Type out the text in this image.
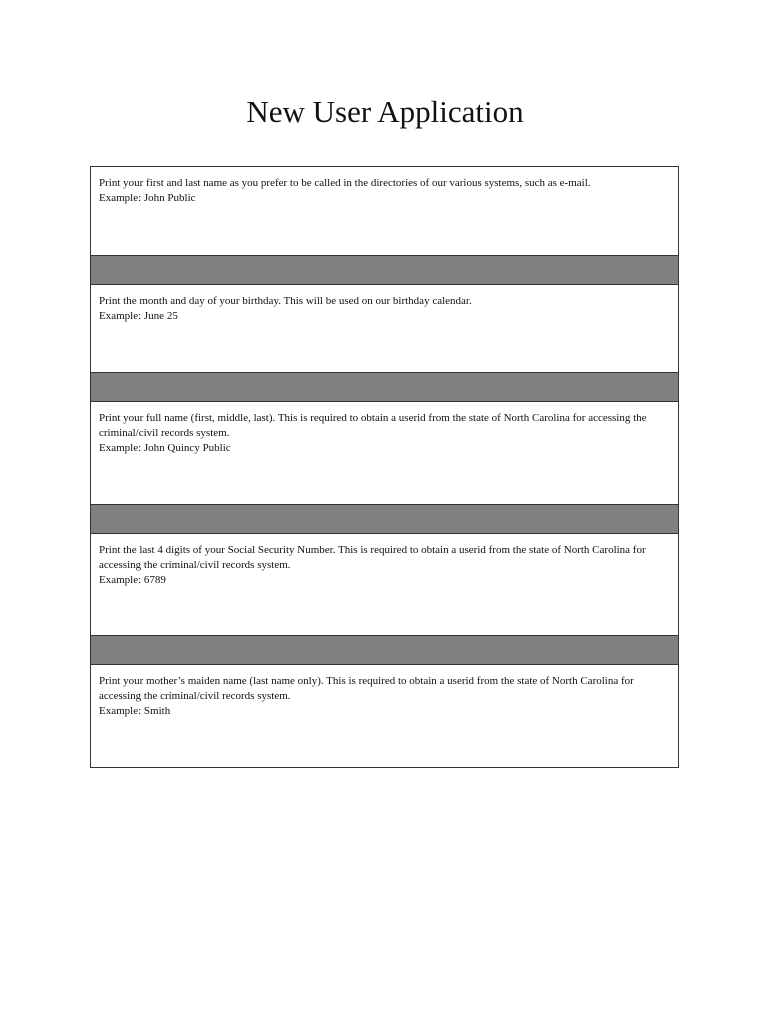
New User Application
Print your first and last name as you prefer to be called in the directories of our various systems, such as e-mail.
Example: John Public
Print the month and day of your birthday. This will be used on our birthday calendar.
Example: June 25
Print your full name (first, middle, last). This is required to obtain a userid from the state of North Carolina for accessing the criminal/civil records system.
Example: John Quincy Public
Print the last 4 digits of your Social Security Number. This is required to obtain a userid from the state of North Carolina for accessing the criminal/civil records system.
Example: 6789
Print your mother’s maiden name (last name only). This is required to obtain a userid from the state of North Carolina for accessing the criminal/civil records system.
Example: Smith
